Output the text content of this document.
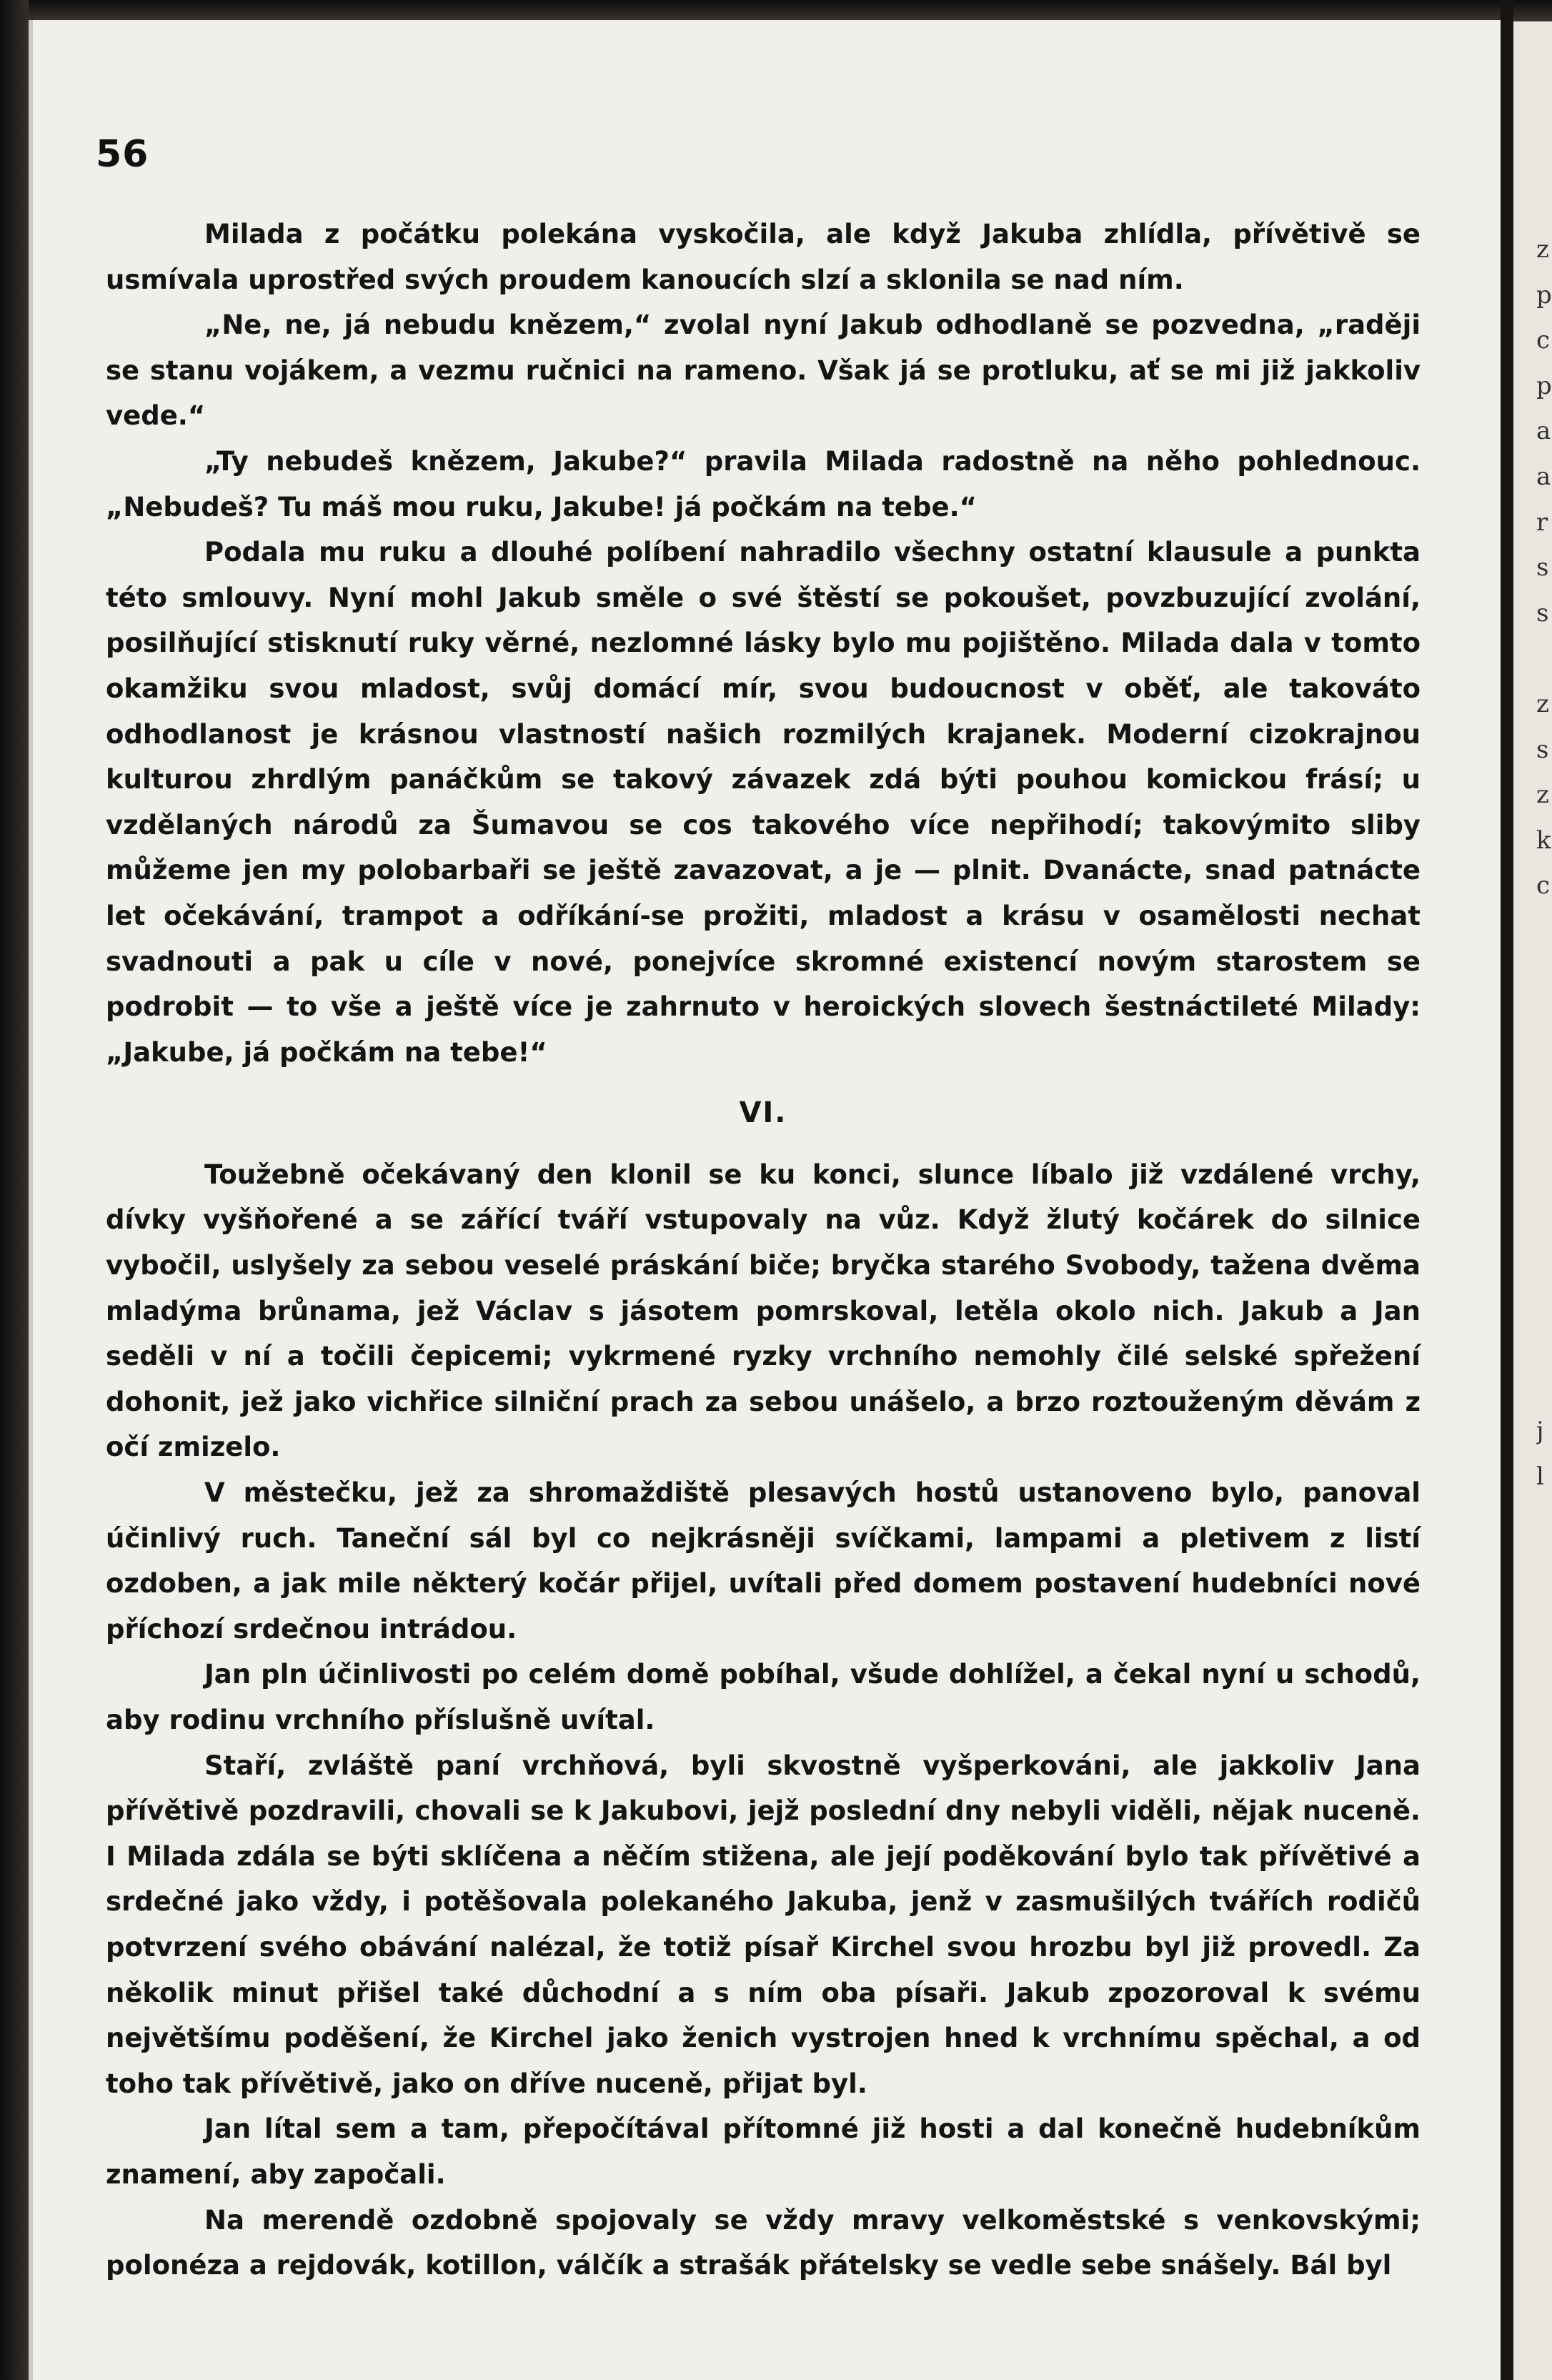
z
p
c
p
a
a
r
s
s
z
s
z
k
c
j
l
56

Milada z počátku polekána vyskočila, ale když Jakuba zhlídla, přívětivě se usmívala uprostřed svých proudem kanoucích slzí a sklonila se nad ním.

„Ne, ne, já nebudu knězem,“ zvolal nyní Jakub odhodlaně se pozvedna, „raději se stanu vojákem, a vezmu ručnici na rameno. Však já se protluku, ať se mi již jakkoliv vede.“

„Ty nebudeš knězem, Jakube?“ pravila Milada radostně na něho pohlednouc. „Nebudeš? Tu máš mou ruku, Jakube! já počkám na tebe.“

Podala mu ruku a dlouhé políbení nahradilo všechny ostatní klausule a punkta této smlouvy. Nyní mohl Jakub směle o své štěstí se pokoušet, povzbuzující zvolání, posilňující stisknutí ruky věrné, nezlomné lásky bylo mu pojištěno. Milada dala v tomto okamžiku svou mladost, svůj domácí mír, svou budoucnost v oběť, ale takováto odhodlanost je krásnou vlastností našich rozmilých krajanek. Moderní cizokrajnou kulturou zhrdlým panáčkům se takový závazek zdá býti pouhou komickou frásí; u vzdělaných národů za Šumavou se cos takového více nepřihodí; takovýmito sliby můžeme jen my polobarbaři se ještě zavazovat, a je — plnit. Dvanácte, snad patnácte let očekávání, trampot a odříkání-se prožiti, mladost a krásu v osamělosti nechat svadnouti a pak u cíle v nové, ponejvíce skromné existencí novým starostem se podrobit — to vše a ještě více je zahrnuto v heroických slovech šestnáctileté Milady: „Jakube, já počkám na tebe!“

VI.

Toužebně očekávaný den klonil se ku konci, slunce líbalo již vzdálené vrchy, dívky vyšňořené a se zářící tváří vstupovaly na vůz. Když žlutý kočárek do silnice vybočil, uslyšely za sebou veselé práskání biče; bryčka starého Svobody, tažena dvěma mladýma brůnama, jež Václav s jásotem pomrskoval, letěla okolo nich. Jakub a Jan seděli v ní a točili čepicemi; vykrmené ryzky vrchního nemohly čilé selské spřežení dohonit, jež jako vichřice silniční prach za sebou unášelo, a brzo roztouženým děvám z očí zmizelo.

V městečku, jež za shromaždiště plesavých hostů ustanoveno bylo, panoval účinlivý ruch. Taneční sál byl co nejkrásněji svíčkami, lampami a pletivem z listí ozdoben, a jak mile některý kočár přijel, uvítali před domem postavení hudebníci nové příchozí srdečnou intrádou.

Jan pln účinlivosti po celém domě pobíhal, všude dohlížel, a čekal nyní u schodů, aby rodinu vrchního příslušně uvítal.

Staří, zvláště paní vrchňová, byli skvostně vyšperkováni, ale jakkoliv Jana přívětivě pozdravili, chovali se k Jakubovi, jejž poslední dny nebyli viděli, nějak nuceně. I Milada zdála se býti sklíčena a něčím stižena, ale její poděkování bylo tak přívětivé a srdečné jako vždy, i potěšovala polekaného Jakuba, jenž v zasmušilých tvářích rodičů potvrzení svého obávání nalézal, že totiž písař Kirchel svou hrozbu byl již provedl. Za několik minut přišel také důchodní a s ním oba písaři. Jakub zpozoroval k svému největšímu poděšení, že Kirchel jako ženich vystrojen hned k vrchnímu spěchal, a od toho tak přívětivě, jako on dříve nuceně, přijat byl.

Jan lítal sem a tam, přepočítával přítomné již hosti a dal konečně hudebníkům znamení, aby započali.

Na merendě ozdobně spojovaly se vždy mravy velkoměstské s venkovskými; polonéza a rejdovák, kotillon, válčík a strašák přátelsky se vedle sebe snášely. Bál byl
